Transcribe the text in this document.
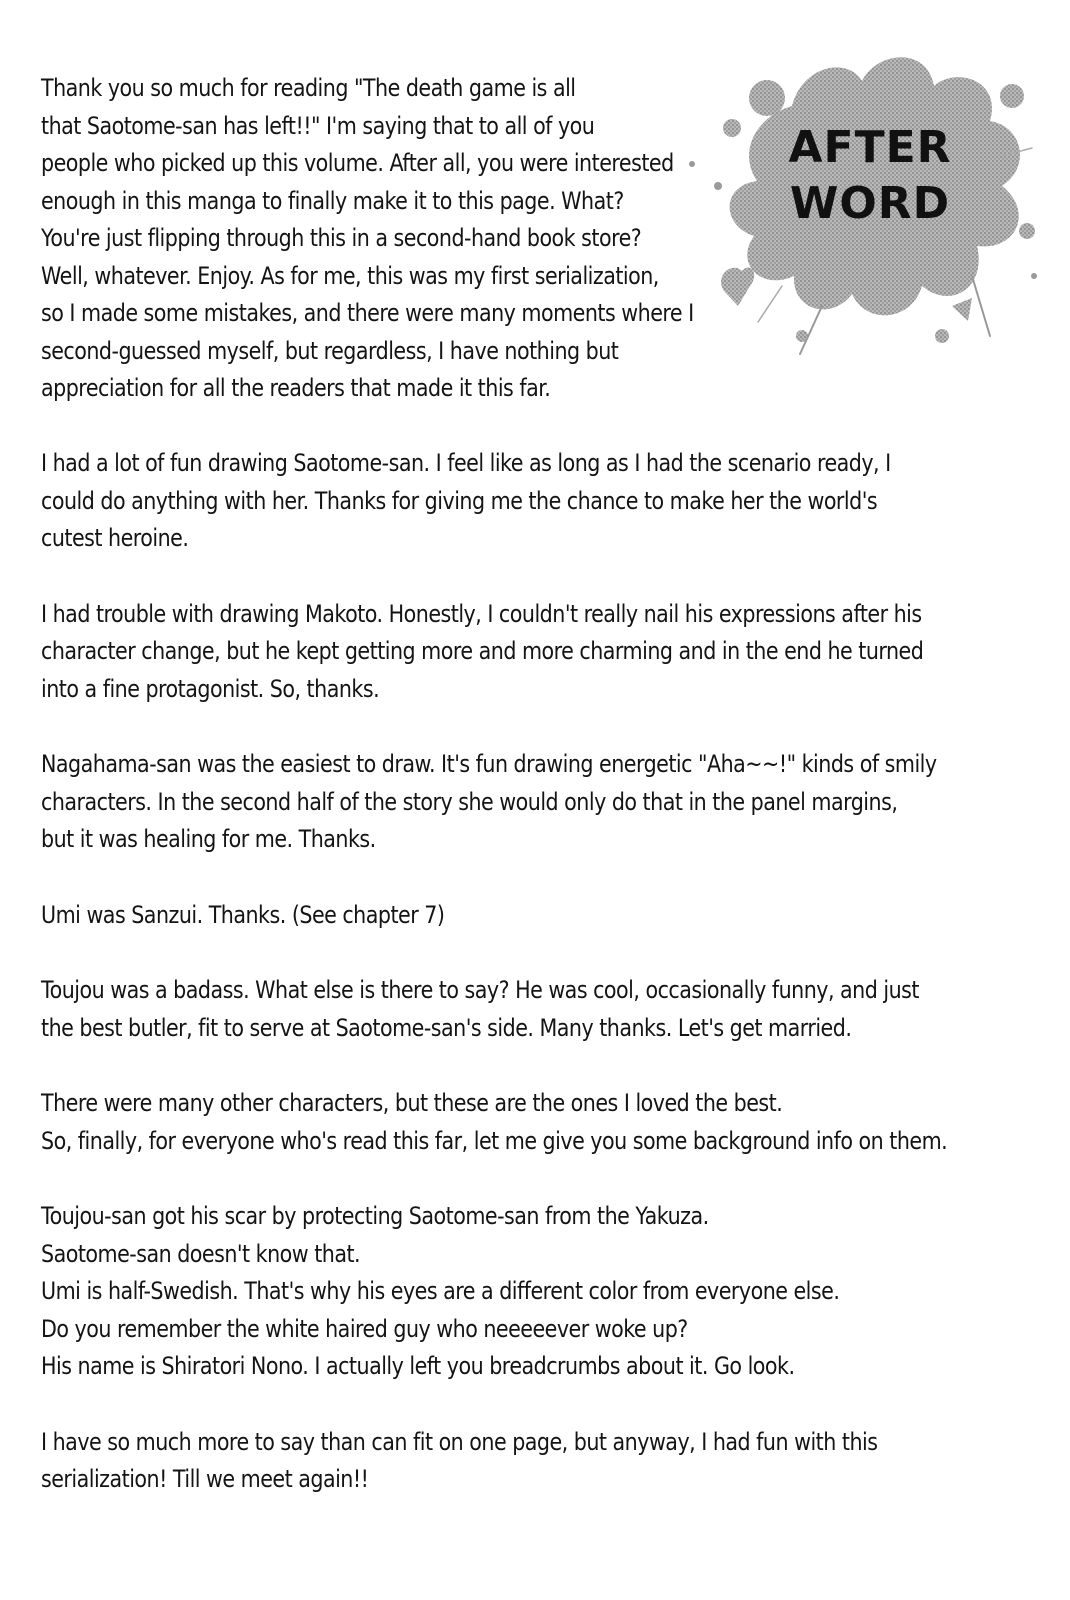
AFTER
WORD
Thank you so much for reading "The death game is all
that Saotome-san has left!!" I'm saying that to all of you
people who picked up this volume. After all, you were interested
enough in this manga to finally make it to this page. What?
You're just flipping through this in a second-hand book store?
Well, whatever. Enjoy. As for me, this was my first serialization,
so I made some mistakes, and there were many moments where I
second-guessed myself, but regardless, I have nothing but
appreciation for all the readers that made it this far.
I had a lot of fun drawing Saotome-san. I feel like as long as I had the scenario ready, I
could do anything with her. Thanks for giving me the chance to make her the world's
cutest heroine.
I had trouble with drawing Makoto. Honestly, I couldn't really nail his expressions after his
character change, but he kept getting more and more charming and in the end he turned
into a fine protagonist. So, thanks.
Nagahama-san was the easiest to draw. It's fun drawing energetic "Aha~~!" kinds of smily
characters. In the second half of the story she would only do that in the panel margins,
but it was healing for me. Thanks.
Umi was Sanzui. Thanks. (See chapter 7)
Toujou was a badass. What else is there to say? He was cool, occasionally funny, and just
the best butler, fit to serve at Saotome-san's side. Many thanks. Let's get married.
There were many other characters, but these are the ones I loved the best.
So, finally, for everyone who's read this far, let me give you some background info on them.
Toujou-san got his scar by protecting Saotome-san from the Yakuza.
Saotome-san doesn't know that.
Umi is half-Swedish. That's why his eyes are a different color from everyone else.
Do you remember the white haired guy who neeeeever woke up?
His name is Shiratori Nono. I actually left you breadcrumbs about it. Go look.
I have so much more to say than can fit on one page, but anyway, I had fun with this
serialization! Till we meet again!!
